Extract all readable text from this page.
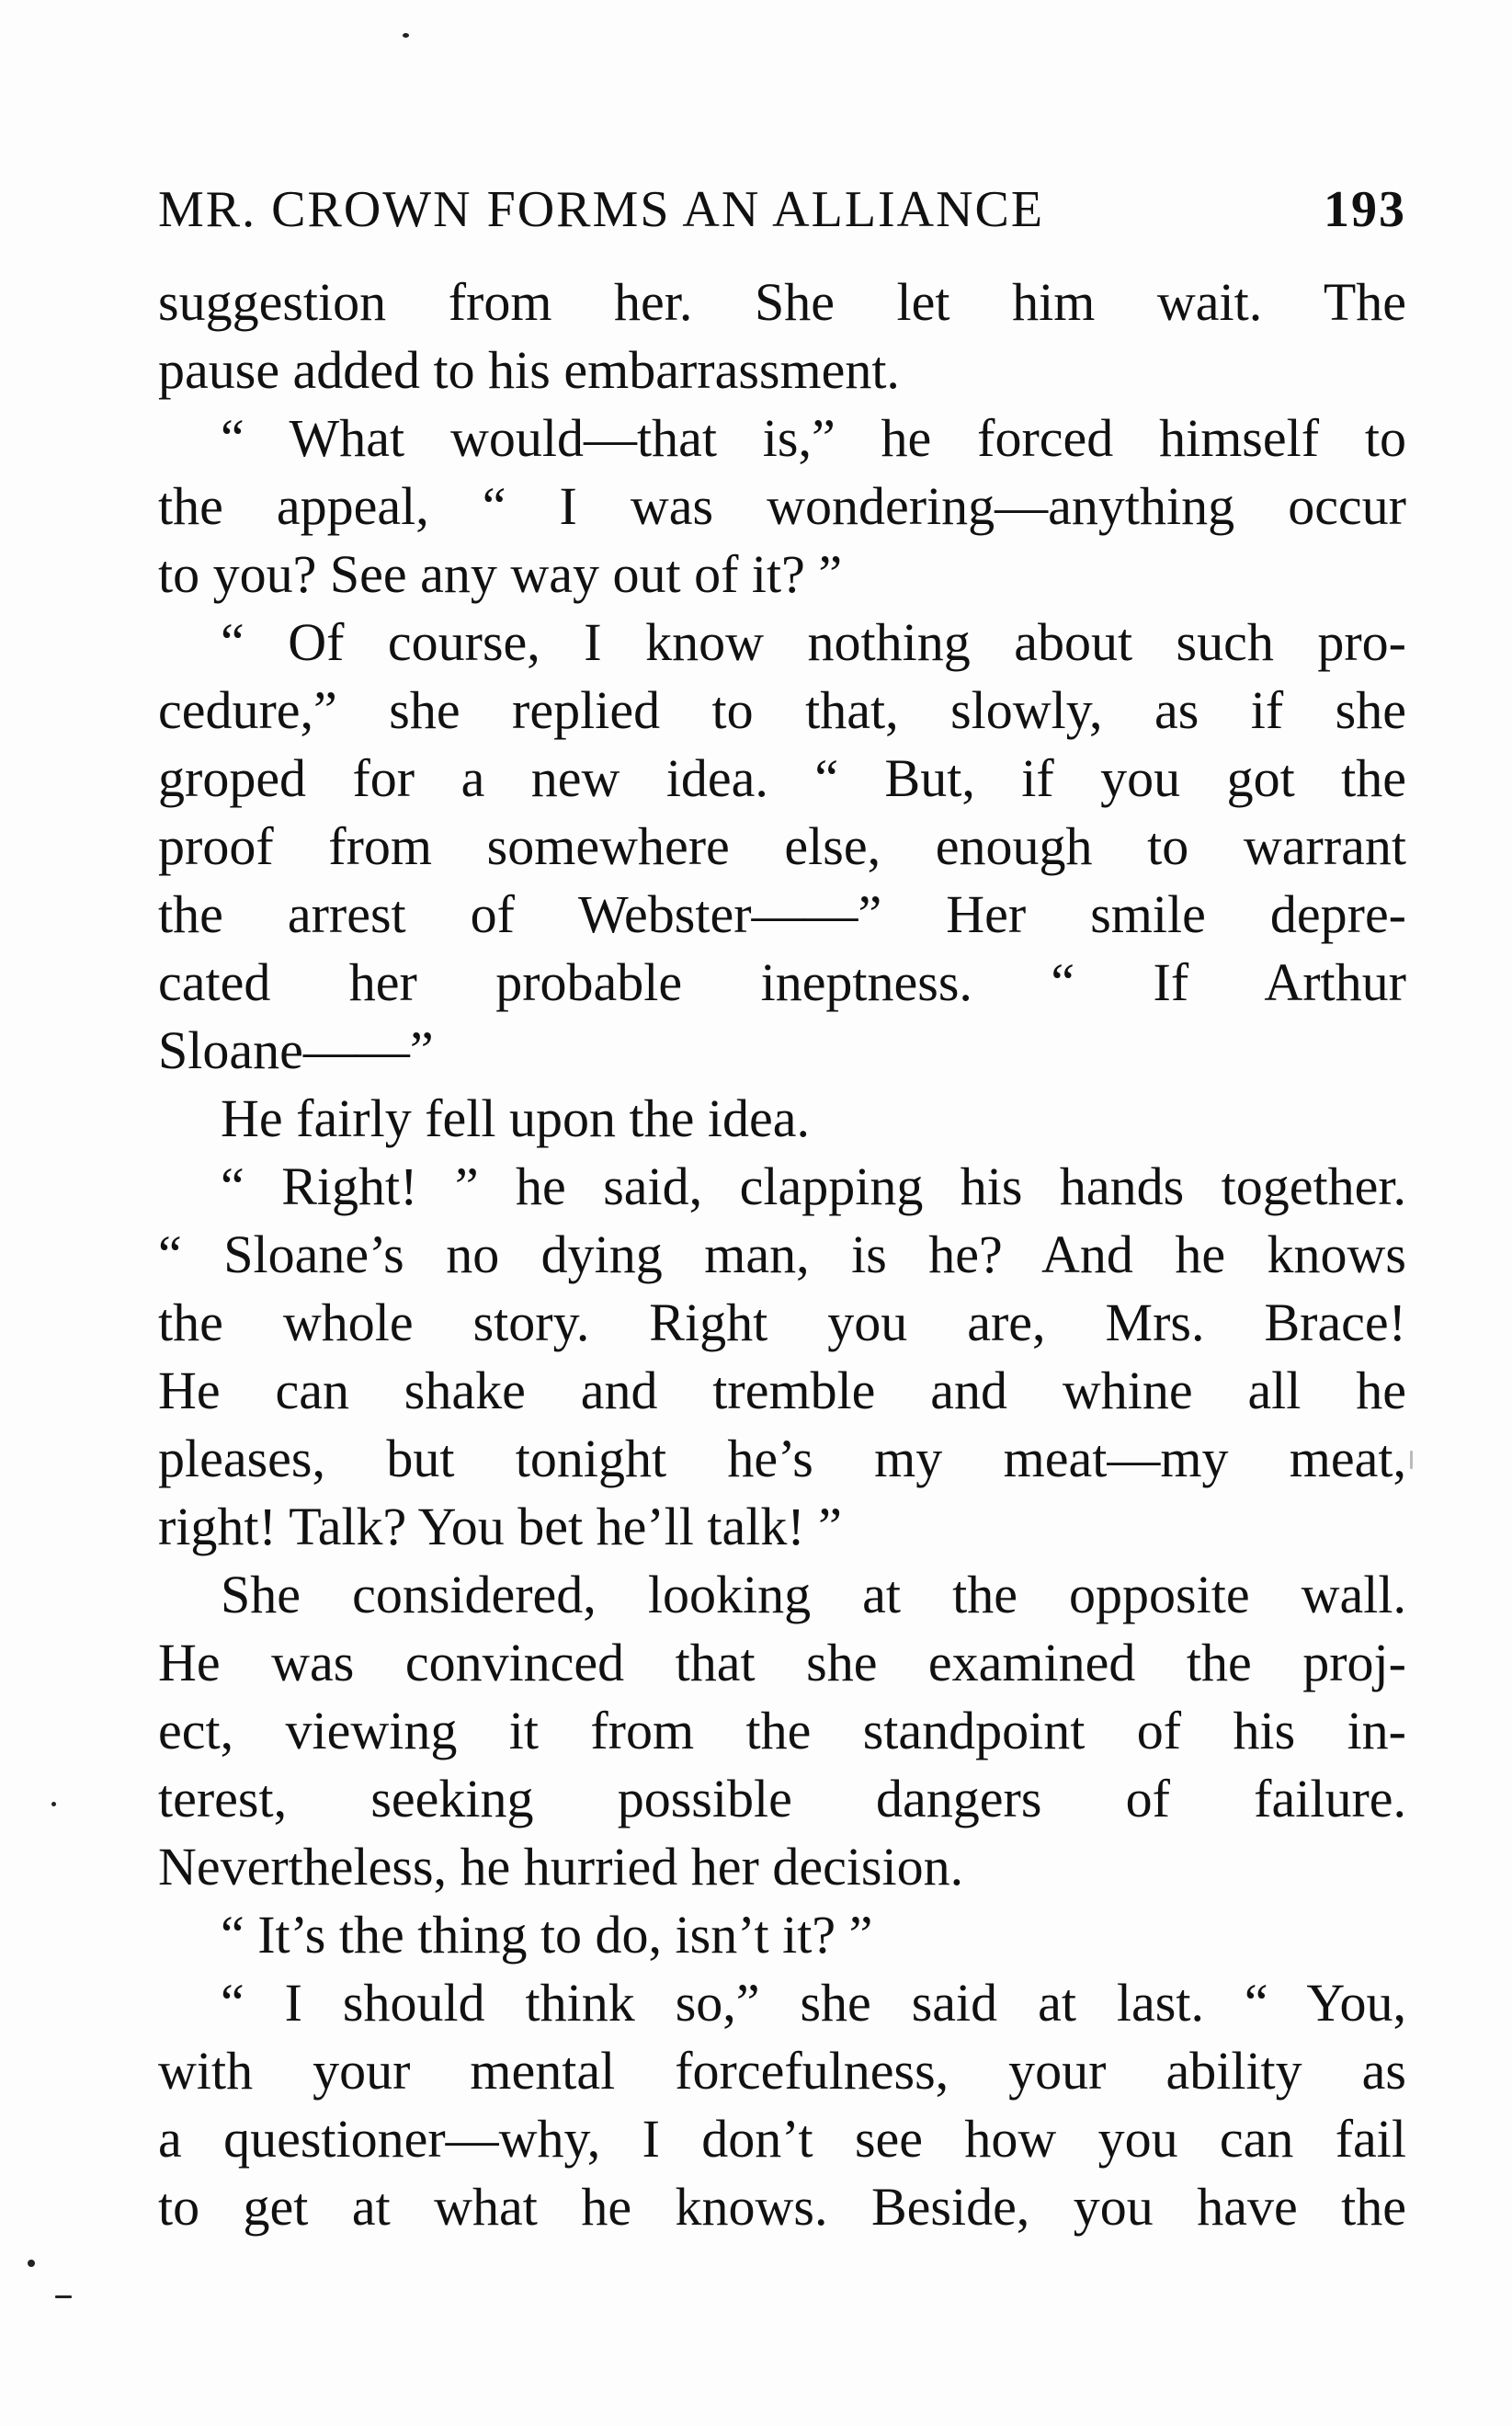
MR. CROWN FORMS AN ALLIANCE	193
suggestion from her. She let him wait. The
pause added to his embarrassment.
“ What would—that is,” he forced himself to
the appeal, “ I was wondering—anything occur
to you? See any way out of it? ”
“ Of course, I know nothing about such pro-
cedure,” she replied to that, slowly, as if she
groped for a new idea. “ But, if you got the
proof from somewhere else, enough to warrant
the arrest of Webster——” Her smile depre-
cated her probable ineptness. “ If Arthur
Sloane——”
He fairly fell upon the idea.
“ Right! ” he said, clapping his hands together.
“ Sloane’s no dying man, is he? And he knows
the whole story. Right you are, Mrs. Brace!
He can shake and tremble and whine all he
pleases, but tonight he’s my meat—my meat,
right! Talk? You bet he’ll talk! ”
She considered, looking at the opposite wall.
He was convinced that she examined the proj-
ect, viewing it from the standpoint of his in-
terest, seeking possible dangers of failure.
Nevertheless, he hurried her decision.
“ It’s the thing to do, isn’t it? ”
“ I should think so,” she said at last. “ You,
with your mental forcefulness, your ability as
a questioner—why, I don’t see how you can fail
to get at what he knows. Beside, you have the
